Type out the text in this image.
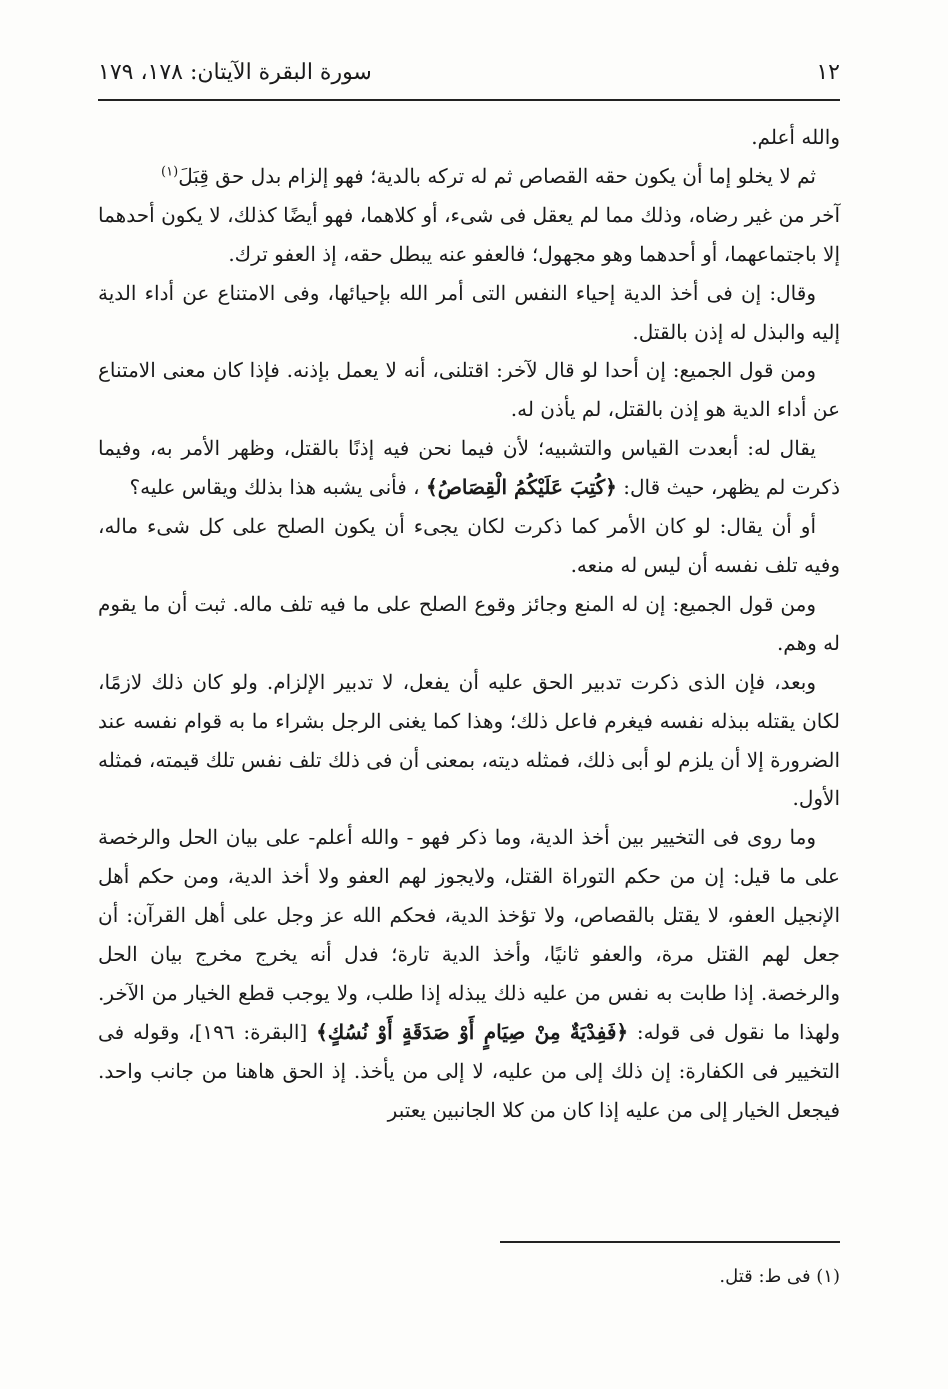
١٢
سورة البقرة الآيتان: ١٧٨، ١٧٩

والله أعلم.

ثم لا يخلو إما أن يكون حقه القصاص ثم له تركه بالدية؛ فهو إلزام بدل حق قِبَلَ$^{(١)}$

آخر من غير رضاه، وذلك مما لم يعقل فى شىء، أو كلاهما، فهو أيضًا كذلك، لا يكون أحدهما إلا باجتماعهما، أو أحدهما وهو مجهول؛ فالعفو عنه يبطل حقه، إذ العفو ترك.

وقال: إن فى أخذ الدية إحياء النفس التى أمر الله بإحيائها، وفى الامتناع عن أداء الدية إليه والبذل له إذن بالقتل.

ومن قول الجميع: إن أحدا لو قال لآخر: اقتلنى، أنه لا يعمل بإذنه. فإذا كان معنى الامتناع عن أداء الدية هو إذن بالقتل، لم يأذن له.

يقال له: أبعدت القياس والتشبيه؛ لأن فيما نحن فيه إذنًا بالقتل، وظهر الأمر به، وفيما ذكرت لم يظهر، حيث قال: ﴿كُتِبَ عَلَيْكُمُ الْقِصَاصُ﴾ ، فأنى يشبه هذا بذلك ويقاس عليه؟

أو أن يقال: لو كان الأمر كما ذكرت لكان يجىء أن يكون الصلح على كل شىء ماله، وفيه تلف نفسه أن ليس له منعه.

ومن قول الجميع: إن له المنع وجائز وقوع الصلح على ما فيه تلف ماله. ثبت أن ما يقوم له وهم.

وبعد، فإن الذى ذكرت تدبير الحق عليه أن يفعل، لا تدبير الإلزام. ولو كان ذلك لازمًا، لكان يقتله ببذله نفسه فيغرم فاعل ذلك؛ وهذا كما يغنى الرجل بشراء ما به قوام نفسه عند الضرورة إلا أن يلزم لو أبى ذلك، فمثله ديته، بمعنى أن فى ذلك تلف نفس تلك قيمته، فمثله الأول.

وما روى فى التخيير بين أخذ الدية، وما ذكر فهو - والله أعلم- على بيان الحل والرخصة على ما قيل: إن من حكم التوراة القتل، ولايجوز لهم العفو ولا أخذ الدية، ومن حكم أهل الإنجيل العفو، لا يقتل بالقصاص، ولا تؤخذ الدية، فحكم الله عز وجل على أهل القرآن: أن جعل لهم القتل مرة، والعفو ثانيًا، وأخذ الدية تارة؛ فدل أنه يخرج مخرج بيان الحل والرخصة. إذا طابت به نفس من عليه ذلك يبذله إذا طلب، ولا يوجب قطع الخيار من الآخر. ولهذا ما نقول فى قوله: ﴿فَفِدْيَةٌ مِنْ صِيَامٍ أَوْ صَدَقَةٍ أَوْ نُسُكٍ﴾ [البقرة: ١٩٦]، وقوله فى التخيير فى الكفارة: إن ذلك إلى من عليه، لا إلى من يأخذ. إذ الحق هاهنا من جانب واحد. فيجعل الخيار إلى من عليه إذا كان من كلا الجانبين يعتبر

(١) فى ط: قتل.
